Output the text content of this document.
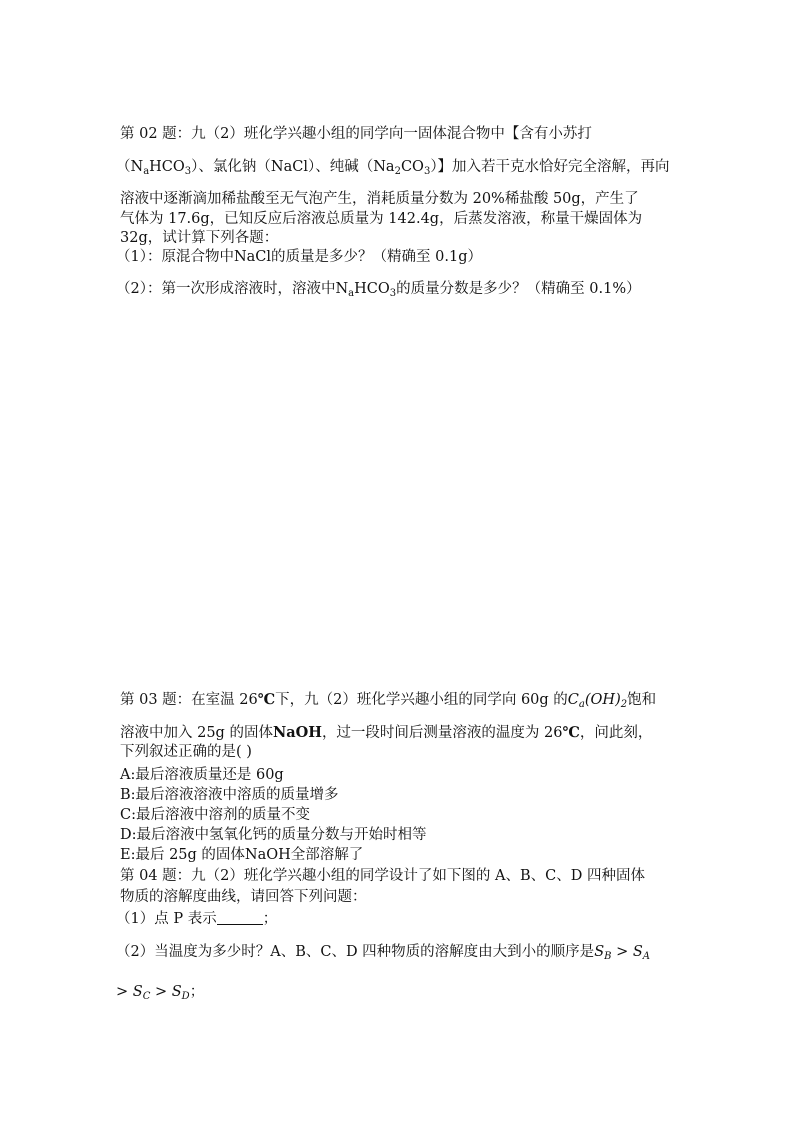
第 02 题：九（2）班化学兴趣小组的同学向一固体混合物中【含有小苏打
$(N_aHCO_3)$、氯化钠（NaCl）、纯碱$(Na_2CO_3)$】加入若干克水恰好完全溶解，再向
溶液中逐渐滴加稀盐酸至无气泡产生，消耗质量分数为 20%稀盐酸 50g，产生了
气体为 17.6g，已知反应后溶液总质量为 142.4g，后蒸发溶液，称量干燥固体为
32g，试计算下列各题：
（1）：原混合物中NaCl的质量是多少？（精确至 0.1g）
（2）：第一次形成溶液时，溶液中$N_aHCO_3$的质量分数是多少？（精确至 0.1%）
第 03 题：在室温 26℃下，九（2）班化学兴趣小组的同学向 60g 的$C_a(OH)_2$饱和
溶液中加入 25g 的固体NaOH，过一段时间后测量溶液的温度为 26℃，问此刻，
下列叙述正确的是( )
A:最后溶液质量还是 60g
B:最后溶液溶液中溶质的质量增多
C:最后溶液中溶剂的质量不变
D:最后溶液中氢氧化钙的质量分数与开始时相等
E:最后 25g 的固体NaOH全部溶解了
第 04 题：九（2）班化学兴趣小组的同学设计了如下图的 A、B、C、D 四种固体
物质的溶解度曲线，请回答下列问题：
（1）点 P 表示	；
（2）当温度为多少时？A、B、C、D 四种物质的溶解度由大到小的顺序是$S_B > S_A$
> $S_C > S_D$；
